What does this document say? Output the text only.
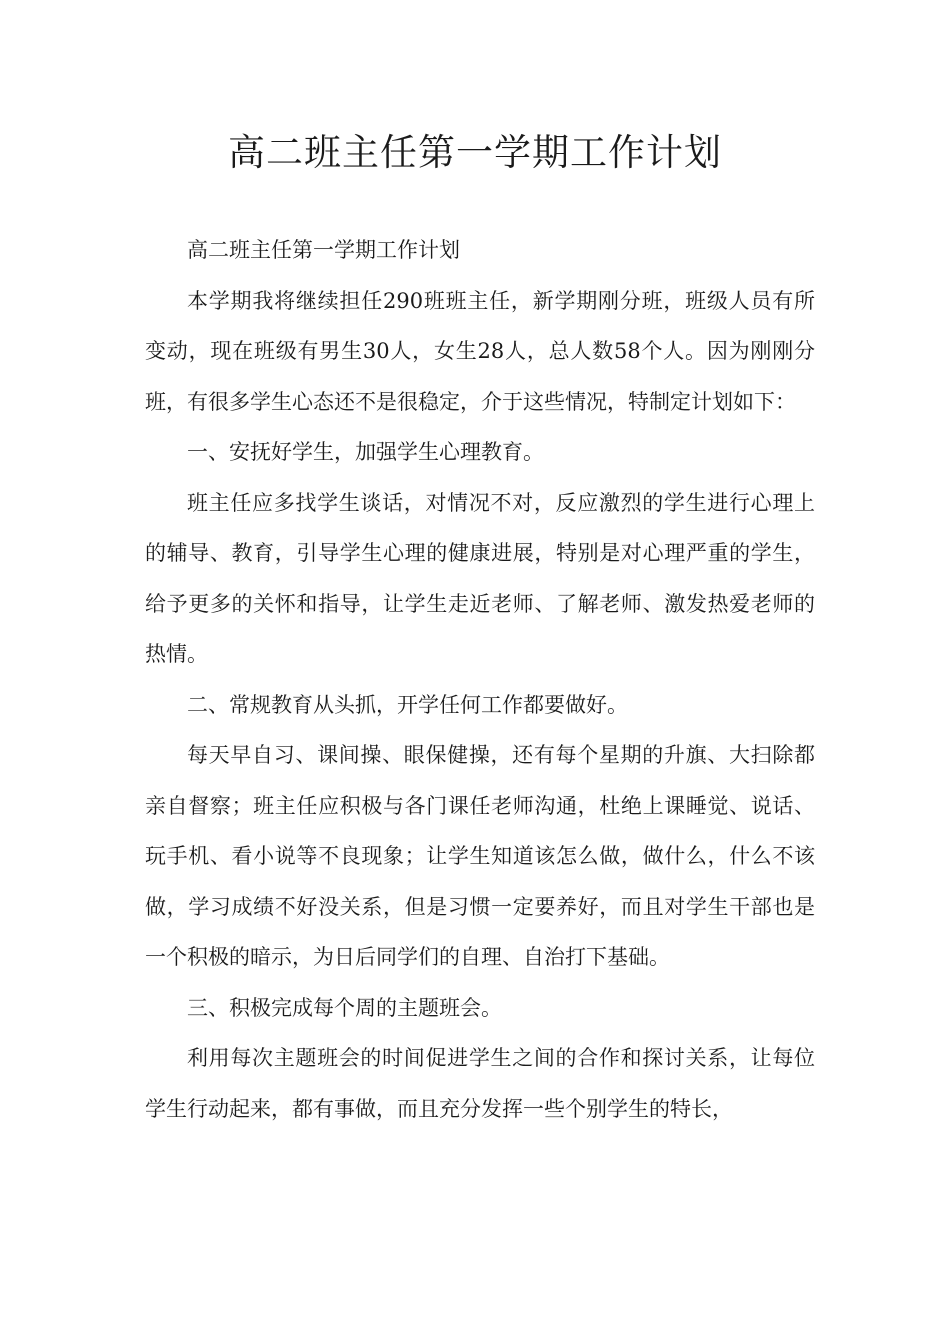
高二班主任第一学期工作计划

高二班主任第一学期工作计划

本学期我将继续担任290班班主任，新学期刚分班，班级人员有所变动，现在班级有男生30人，女生28人，总人数58个人。因为刚刚分班，有很多学生心态还不是很稳定，介于这些情况，特制定计划如下：

一、安抚好学生，加强学生心理教育。

班主任应多找学生谈话，对情况不对，反应激烈的学生进行心理上的辅导、教育，引导学生心理的健康进展，特别是对心理严重的学生，给予更多的关怀和指导，让学生走近老师、了解老师、激发热爱老师的热情。

二、常规教育从头抓，开学任何工作都要做好。

每天早自习、课间操、眼保健操，还有每个星期的升旗、大扫除都亲自督察；班主任应积极与各门课任老师沟通，杜绝上课睡觉、说话、玩手机、看小说等不良现象；让学生知道该怎么做，做什么，什么不该做，学习成绩不好没关系，但是习惯一定要养好，而且对学生干部也是一个积极的暗示，为日后同学们的自理、自治打下基础。

三、积极完成每个周的主题班会。

利用每次主题班会的时间促进学生之间的合作和探讨关系，让每位学生行动起来，都有事做，而且充分发挥一些个别学生的特长，
